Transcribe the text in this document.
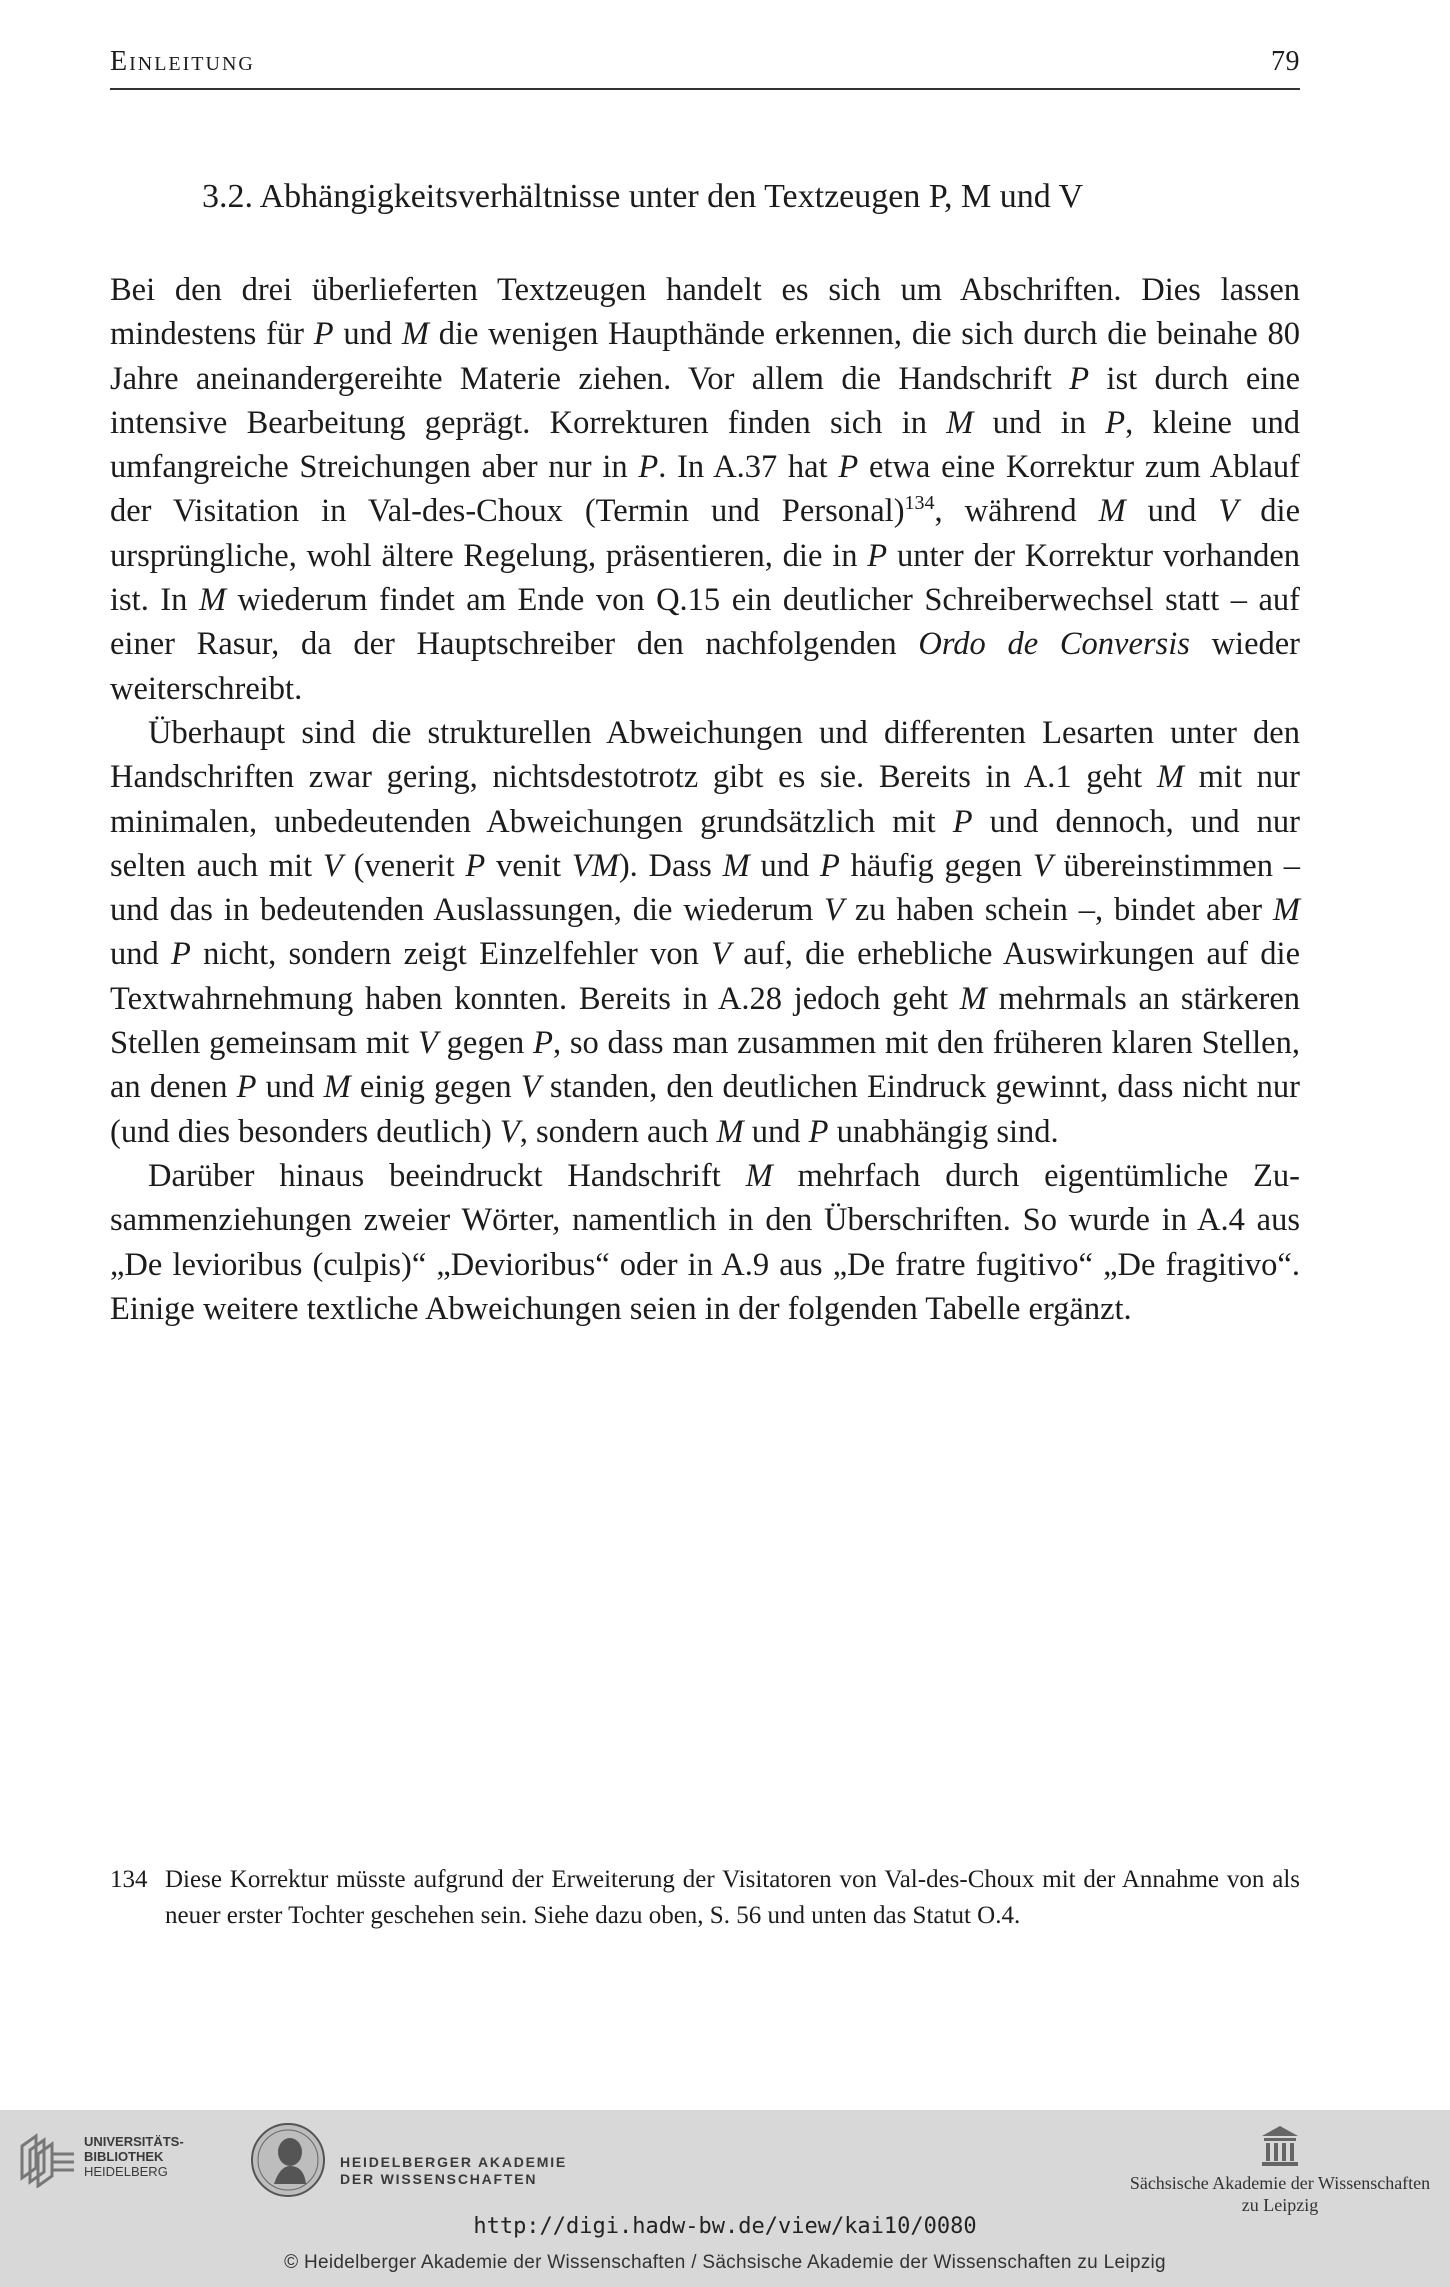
Einleitung	79
3.2. Abhängigkeitsverhältnisse unter den Textzeugen P, M und V

Bei den drei überlieferten Textzeugen handelt es sich um Abschriften. Dies lassen mindestens für P und M die wenigen Haupthände erkennen, die sich durch die beinahe 80 Jahre aneinandergereihte Materie ziehen. Vor allem die Handschrift P ist durch eine intensive Bearbeitung geprägt. Korrekturen finden sich in M und in P, kleine und umfangreiche Streichungen aber nur in P. In A.37 hat P etwa eine Korrektur zum Ablauf der Visitation in Val-des-Choux (Termin und Personal)$^{134}$, während M und V die ursprüngliche, wohl ältere Regelung, präsentieren, die in P unter der Korrektur vorhanden ist. In M wiederum findet am Ende von Q.15 ein deutlicher Schreiberwechsel statt – auf einer Rasur, da der Hauptschreiber den nachfolgenden Ordo de Conversis wieder weiterschreibt.

Überhaupt sind die strukturellen Abweichungen und differenten Lesarten unter den Handschriften zwar gering, nichtsdestotrotz gibt es sie. Bereits in A.1 geht M mit nur minimalen, unbedeutenden Abweichungen grundsätzlich mit P und dennoch, und nur selten auch mit V (venerit P venit VM). Dass M und P häufig gegen V übereinstimmen – und das in bedeutenden Auslassungen, die wiederum V zu haben schein –, bindet aber M und P nicht, sondern zeigt Einzelfehler von V auf, die erhebliche Auswirkungen auf die Textwahrnehmung haben konnten. Bereits in A.28 jedoch geht M mehrmals an stärkeren Stellen gemeinsam mit V gegen P, so dass man zusammen mit den früheren klaren Stellen, an denen P und M einig gegen V standen, den deutlichen Eindruck gewinnt, dass nicht nur (und dies besonders deutlich) V, sondern auch M und P unabhängig sind.

Darüber hinaus beeindruckt Handschrift M mehrfach durch eigentümliche Zusammenziehungen zweier Wörter, namentlich in den Überschriften. So wurde in A.4 aus „De levioribus (culpis)“ „Devioribus“ oder in A.9 aus „De fratre fugitivo“ „De fragitivo“. Einige weitere textliche Abweichungen seien in der folgenden Tabelle ergänzt.

134 Diese Korrektur müsste aufgrund der Erweiterung der Visitatoren von Val-des-Choux mit der Annahme von als neuer erster Tochter geschehen sein. Siehe dazu oben, S. 56 und unten das Statut O.4.
UNIVERSITÄTS-
BIBLIOTHEK
HEIDELBERG
HEIDELBERGER AKADEMIE
DER WISSENSCHAFTEN	Sächsische Akademie der Wissenschaften
zu Leipzig
http://digi.hadw-bw.de/view/kai10/0080
© Heidelberger Akademie der Wissenschaften / Sächsische Akademie der Wissenschaften zu Leipzig
